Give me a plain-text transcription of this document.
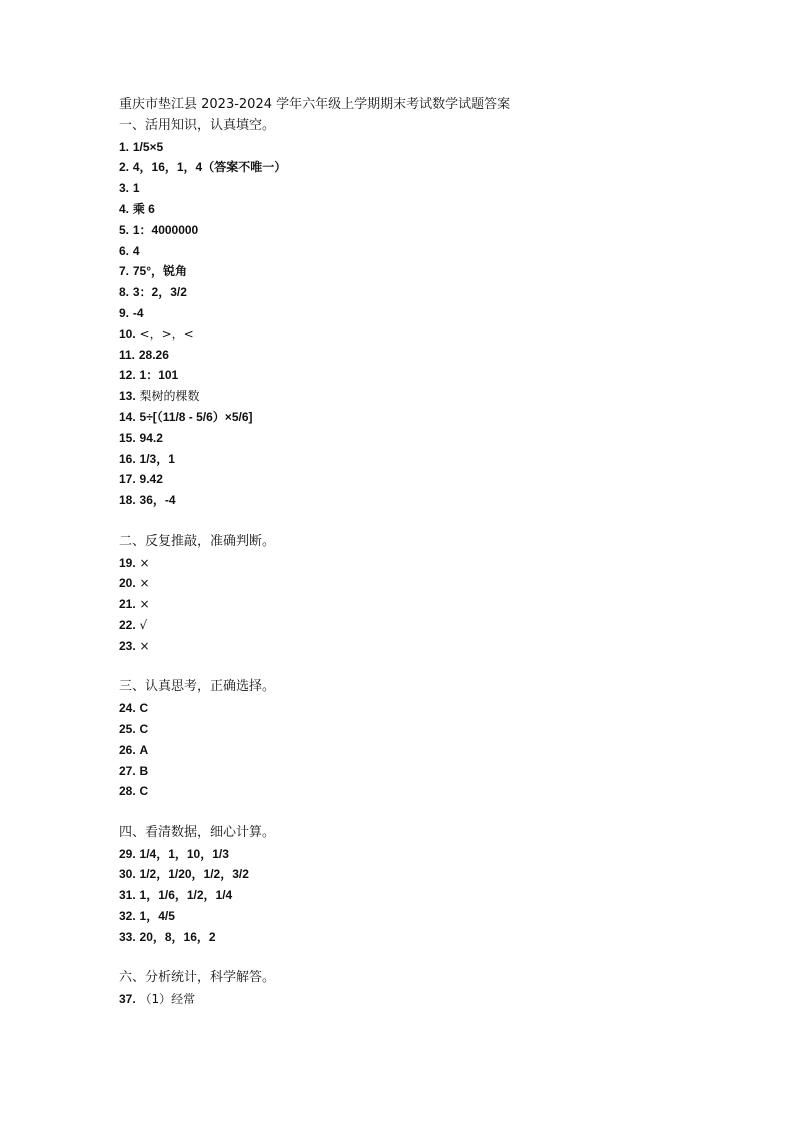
重庆市垫江县 2023-2024 学年六年级上学期期末考试数学试题答案
一、活用知识，认真填空。
1. 1/5×5
2. 4，16，1，4（答案不唯一）
3. 1
4. 乘 6
5. 1：4000000
6. 4
7. 75°，锐角
8. 3：2，3/2
9. -4
10. <，>，<
11. 28.26
12. 1：101
13. 梨树的棵数
14. 5÷[（11/8 - 5/6）×5/6]
15. 94.2
16. 1/3，1
17. 9.42
18. 36，-4
二、反复推敲，准确判断。
19. ×
20. ×
21. ×
22. √
23. ×
三、认真思考，正确选择。
24. C
25. C
26. A
27. B
28. C
四、看清数据，细心计算。
29. 1/4，1，10，1/3
30. 1/2，1/20，1/2，3/2
31. 1，1/6，1/2，1/4
32. 1，4/5
33. 20，8，16，2
六、分析统计，科学解答。
37. （1）经常
